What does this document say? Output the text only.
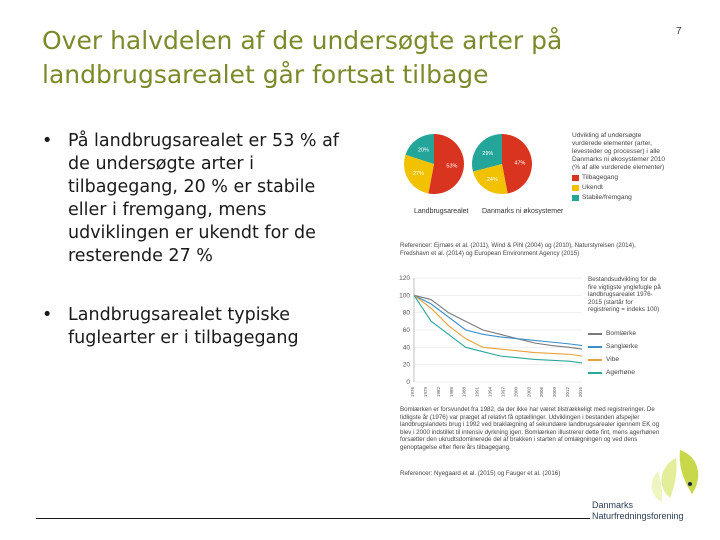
Over halvdelen af de undersøgte arter på landbrugsarealet går fortsat tilbage
7
• På landbrugsarealet er 53 % af de undersøgte arter i tilbagegang, 20 % er stabile eller i fremgang, mens udviklingen er ukendt for de resterende 27 %
• Landbrugsarealet typiske fuglearter er i tilbagegang
53%
27%
20%
47%
24%
29%
Landbrugsarealet Danmarks ni økosystemer
Udvikling af undersøgte vurderede elementer (arter, levesteder og processer) i alle Danmarks ni økosystemer 2010 (% af alle vurderede elementer)
Tilbagegang
Ukendt
Stabile/fremgang
Referencer: Ejrnæs et al. (2011), Wind & Pihl (2004) og (2010), Naturstyrelsen (2014), Fredshavn et al. (2014) og European Environment Agency (2015)
0
20
40
60
80
100
120
1976 1979 1982 1985 1988 1991 1994 1997 2000 2003 2006 2009 2012 2015
Bestandsudvikling for de fire vigtigste ynglefugle på landbrugsarealet 1976-2015 (startår for registrering = indeks 100)
Bomlærke
Sanglærke
Vibe
Agerhøne
Bomlærken er forsvundet fra 1982, da der ikke har været tilstrækkeligt med registreringer. De tidligste år (1976) var præget af relativt få optællinger. Udviklingen i bestanden afspejler landbrugslandets brug i 1992 ved braklægning af sekundære landbrugsarealer igennem EK og blev i 2000 indstillet til intensiv dyrkning igen. Bomlærken illustrerer dette fint, mens agerhønen forsætter den ukrudtsdominerede del af brakken i starten af omlægningen og ved dens genoptagelse efter flere års tilbagegang.
Referencer: Nyegaard et al. (2015) og Fauger et al. (2016)
Danmarks
Naturfredningsforening
